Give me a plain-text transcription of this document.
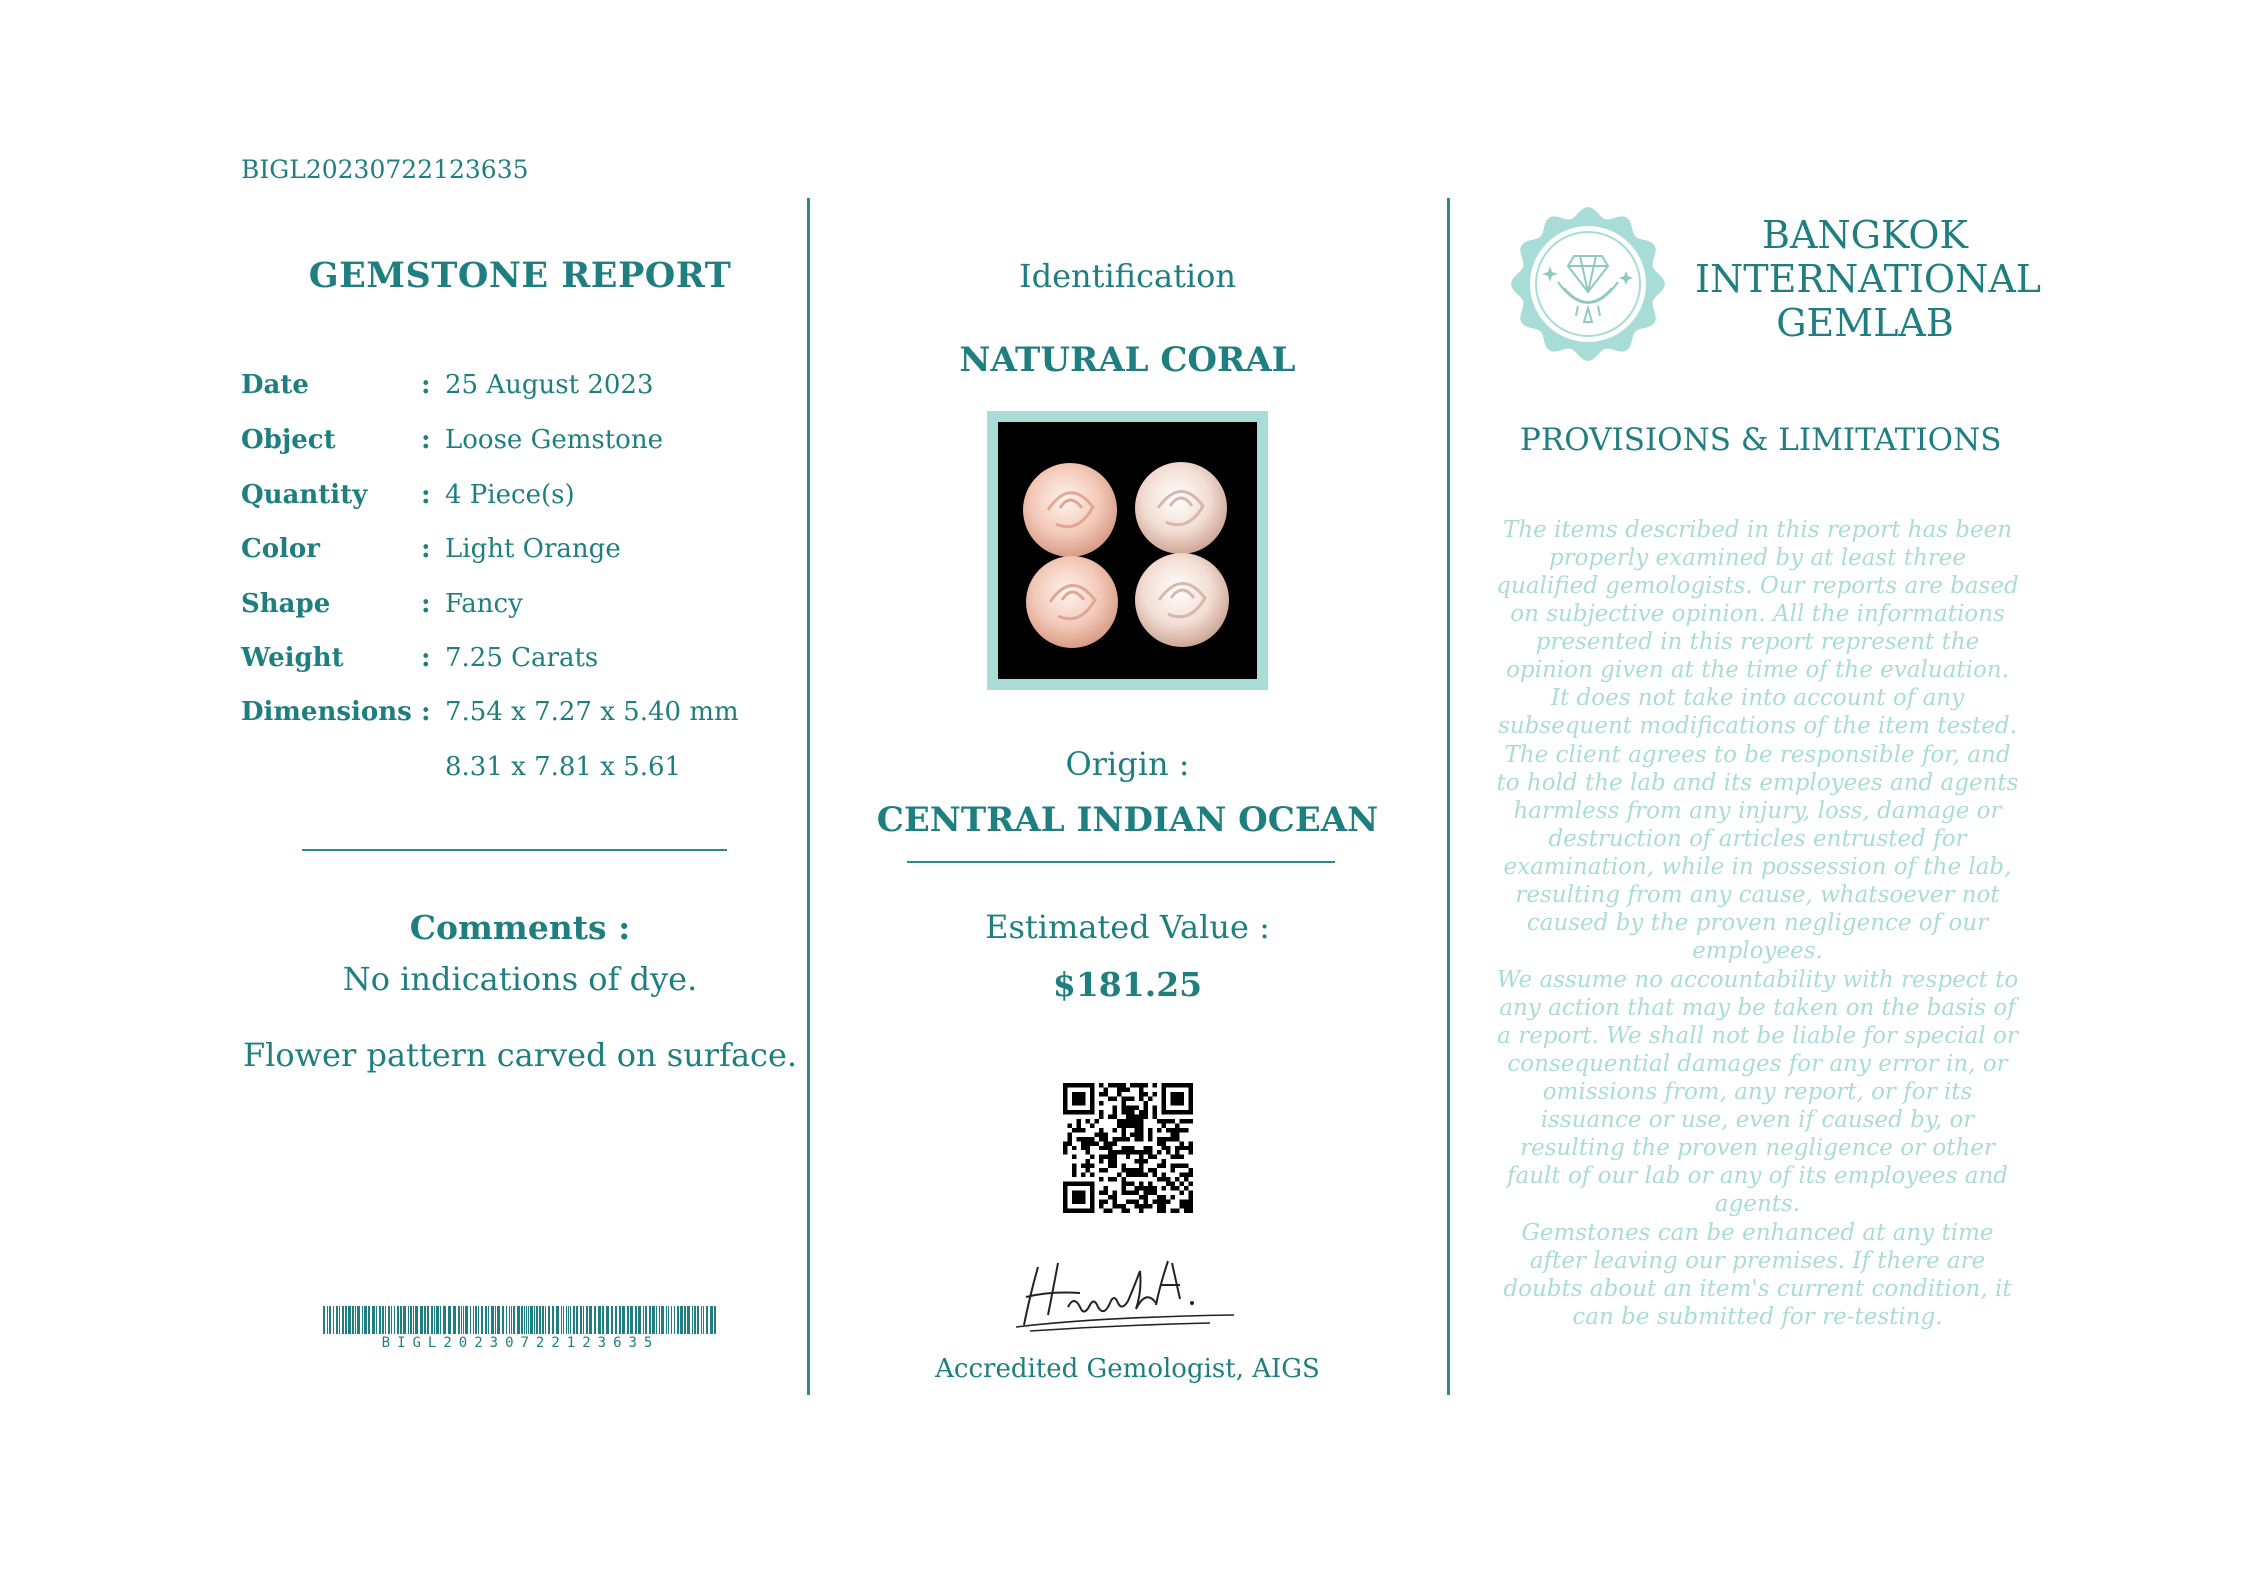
BIGL20230722123635
GEMSTONE REPORT
Date	: 25 August 2023
Object	: Loose Gemstone
Quantity : 4 Piece(s)
Color	: Light Orange
Shape	: Fancy
Weight	: 7.25 Carats
Dimensions : 7.54 x 7.27 x 5.40 mm
8.31 x 7.81 x 5.61
Comments :
No indications of dye.
Flower pattern carved on surface.
BIGL20230722123635
Identification
NATURAL CORAL
Origin :
CENTRAL INDIAN OCEAN
Estimated Value :
$181.25
Accredited Gemologist, AIGS
BANGKOK
INTERNATIONAL
GEMLAB
PROVISIONS & LIMITATIONS
The items described in this report has been properly examined by at least three qualified gemologists. Our reports are based on subjective opinion. All the informations presented in this report represent the opinion given at the time of the evaluation. It does not take into account of any subsequent modifications of the item tested.
The client agrees to be responsible for, and to hold the lab and its employees and agents harmless from any injury, loss, damage or destruction of articles entrusted for examination, while in possession of the lab, resulting from any cause, whatsoever not caused by the proven negligence of our employees.
We assume no accountability with respect to any action that may be taken on the basis of a report. We shall not be liable for special or consequential damages for any error in, or omissions from, any report, or for its issuance or use, even if caused by, or resulting the proven negligence or other fault of our lab or any of its employees and agents.
Gemstones can be enhanced at any time after leaving our premises. If there are doubts about an item's current condition, it can be submitted for re-testing.
